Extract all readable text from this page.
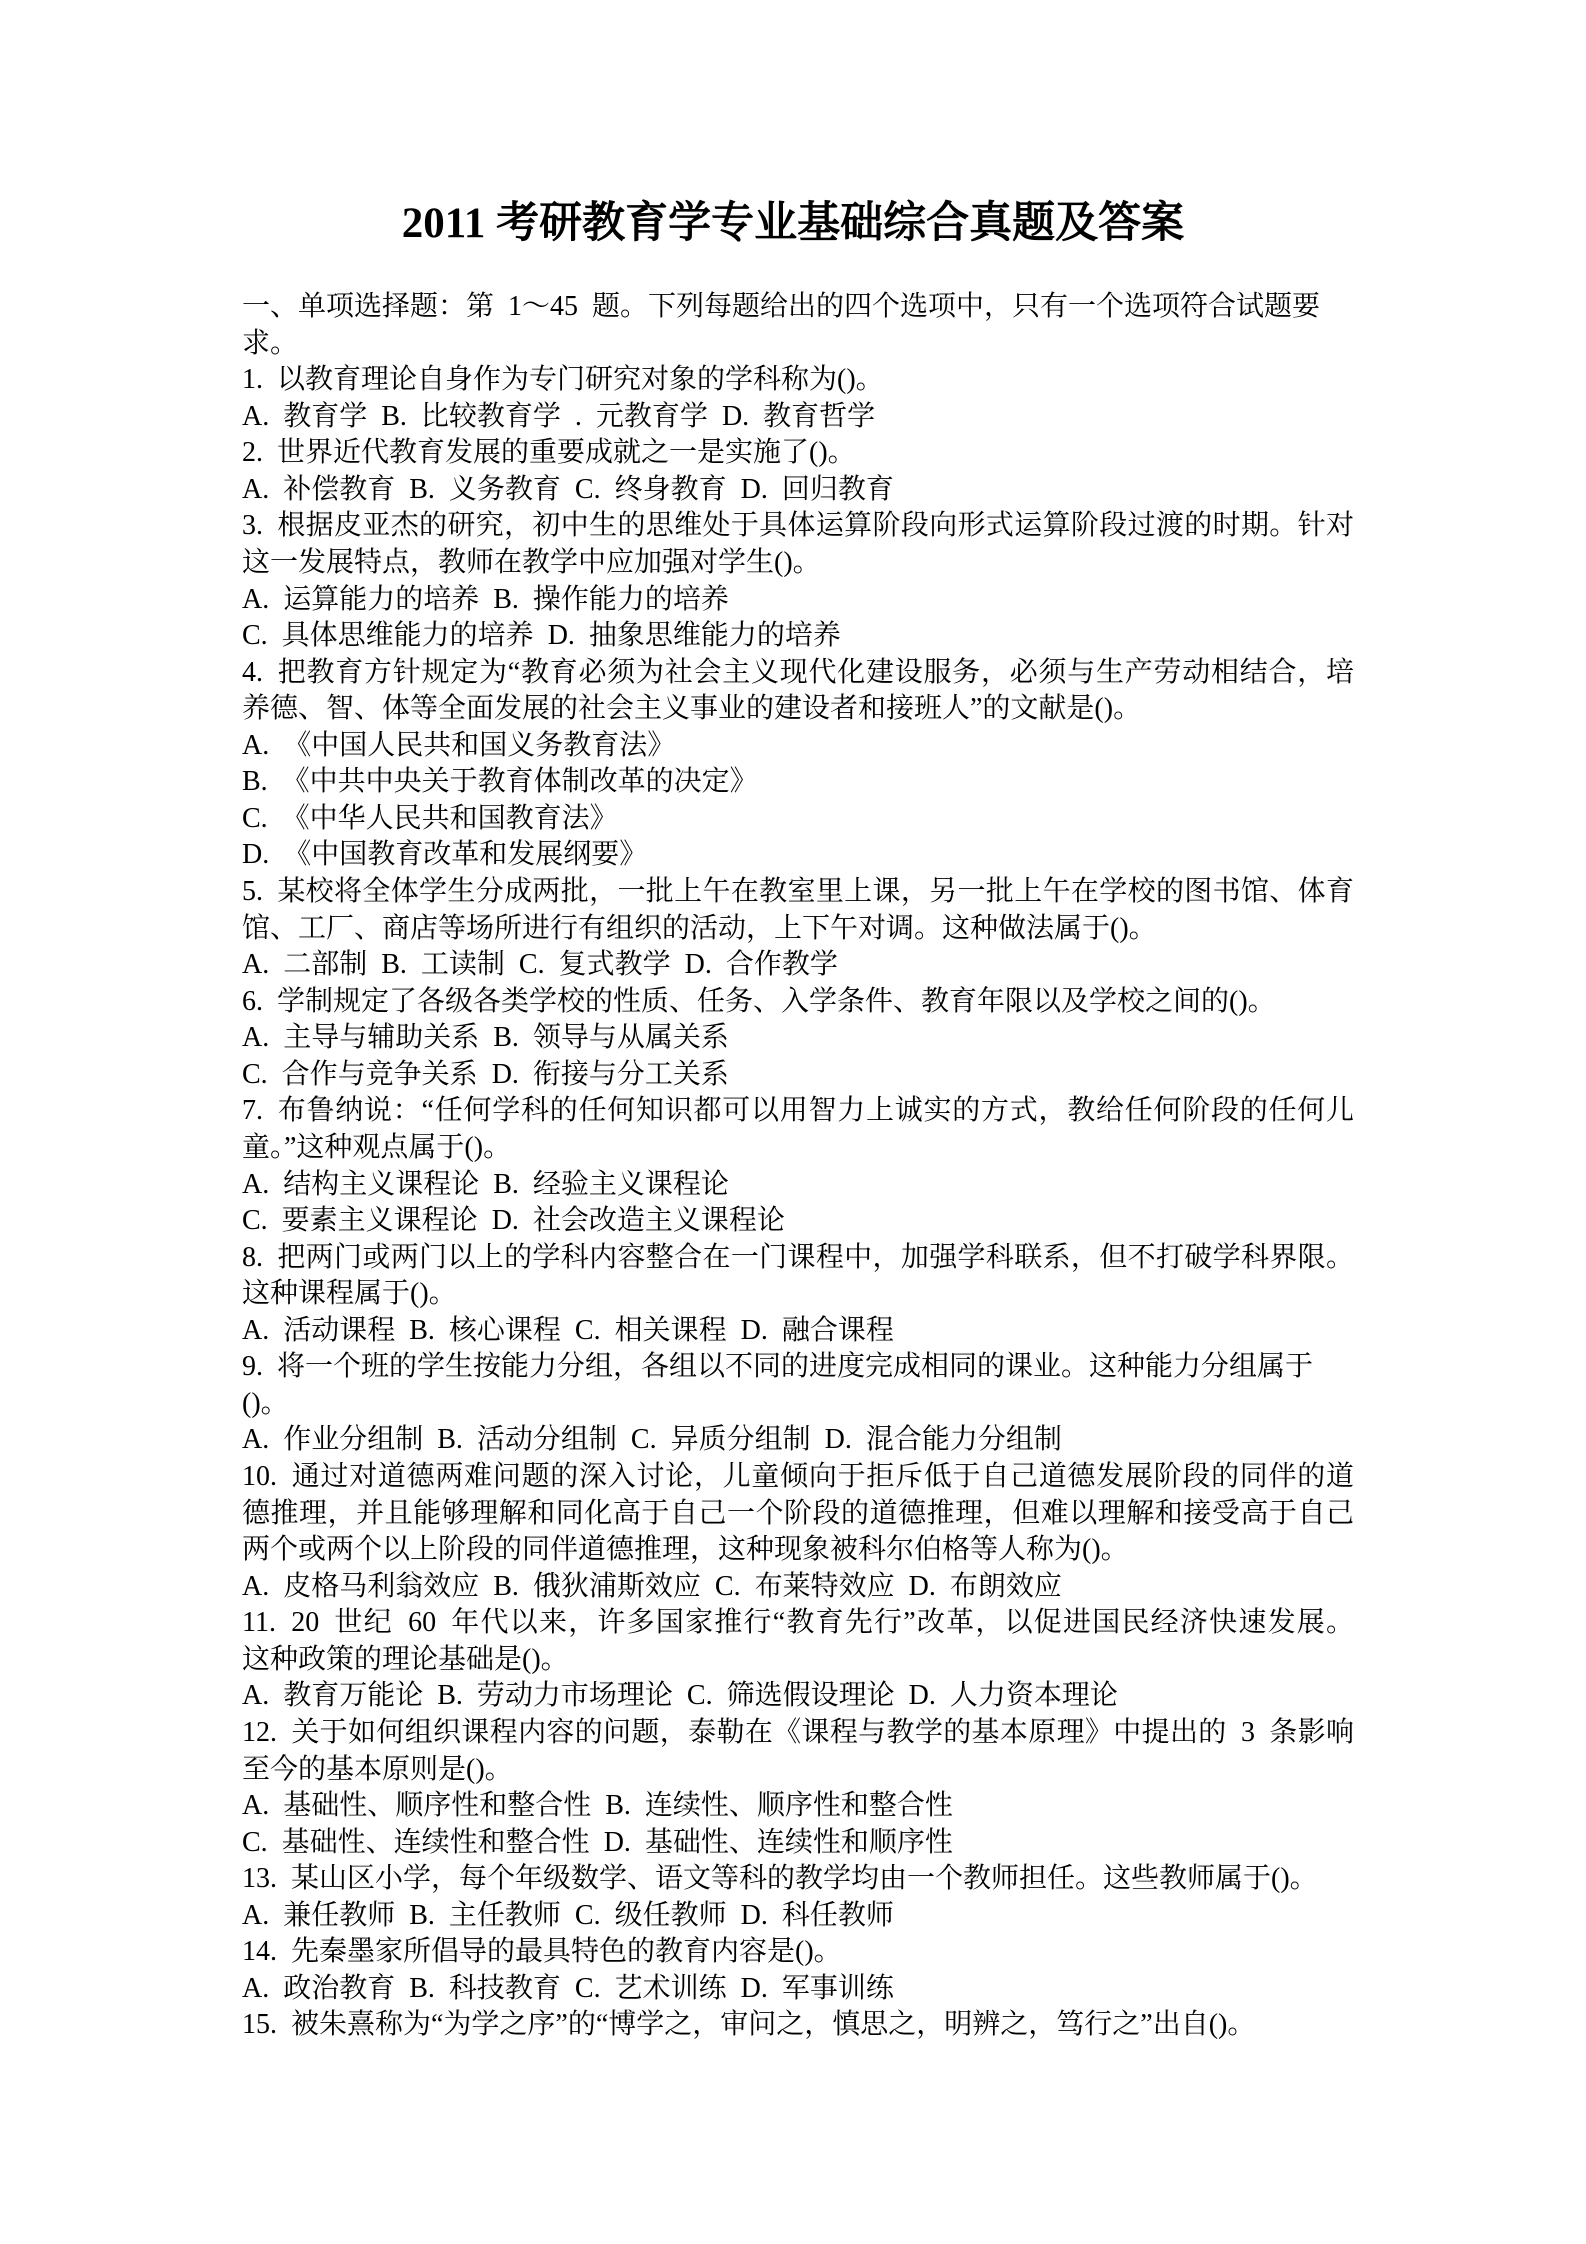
2011 考研教育学专业基础综合真题及答案
一、单项选择题：第 1～45 题。下列每题给出的四个选项中，只有一个选项符合试题要
求。
1. 以教育理论自身作为专门研究对象的学科称为()。
A. 教育学 B. 比较教育学 . 元教育学 D. 教育哲学
2. 世界近代教育发展的重要成就之一是实施了()。
A. 补偿教育 B. 义务教育 C. 终身教育 D. 回归教育
3. 根据皮亚杰的研究，初中生的思维处于具体运算阶段向形式运算阶段过渡的时期。针对
这一发展特点，教师在教学中应加强对学生()。
A. 运算能力的培养 B. 操作能力的培养
C. 具体思维能力的培养 D. 抽象思维能力的培养
4. 把教育方针规定为“教育必须为社会主义现代化建设服务，必须与生产劳动相结合，培
养德、智、体等全面发展的社会主义事业的建设者和接班人”的文献是()。
A. 《中国人民共和国义务教育法》
B. 《中共中央关于教育体制改革的决定》
C. 《中华人民共和国教育法》
D. 《中国教育改革和发展纲要》
5. 某校将全体学生分成两批，一批上午在教室里上课，另一批上午在学校的图书馆、体育
馆、工厂、商店等场所进行有组织的活动，上下午对调。这种做法属于()。
A. 二部制 B. 工读制 C. 复式教学 D. 合作教学
6. 学制规定了各级各类学校的性质、任务、入学条件、教育年限以及学校之间的()。
A. 主导与辅助关系 B. 领导与从属关系
C. 合作与竞争关系 D. 衔接与分工关系
7. 布鲁纳说：“任何学科的任何知识都可以用智力上诚实的方式，教给任何阶段的任何儿
童。”这种观点属于()。
A. 结构主义课程论 B. 经验主义课程论
C. 要素主义课程论 D. 社会改造主义课程论
8. 把两门或两门以上的学科内容整合在一门课程中，加强学科联系，但不打破学科界限。
这种课程属于()。
A. 活动课程 B. 核心课程 C. 相关课程 D. 融合课程
9. 将一个班的学生按能力分组，各组以不同的进度完成相同的课业。这种能力分组属于
()。
A. 作业分组制 B. 活动分组制 C. 异质分组制 D. 混合能力分组制
10. 通过对道德两难问题的深入讨论，儿童倾向于拒斥低于自己道德发展阶段的同伴的道
德推理，并且能够理解和同化高于自己一个阶段的道德推理，但难以理解和接受高于自己
两个或两个以上阶段的同伴道德推理，这种现象被科尔伯格等人称为()。
A. 皮格马利翁效应 B. 俄狄浦斯效应 C. 布莱特效应 D. 布朗效应
11. 20 世纪 60 年代以来，许多国家推行“教育先行”改革，以促进国民经济快速发展。
这种政策的理论基础是()。
A. 教育万能论 B. 劳动力市场理论 C. 筛选假设理论 D. 人力资本理论
12. 关于如何组织课程内容的问题，泰勒在《课程与教学的基本原理》中提出的 3 条影响
至今的基本原则是()。
A. 基础性、顺序性和整合性 B. 连续性、顺序性和整合性
C. 基础性、连续性和整合性 D. 基础性、连续性和顺序性
13. 某山区小学，每个年级数学、语文等科的教学均由一个教师担任。这些教师属于()。
A. 兼任教师 B. 主任教师 C. 级任教师 D. 科任教师
14. 先秦墨家所倡导的最具特色的教育内容是()。
A. 政治教育 B. 科技教育 C. 艺术训练 D. 军事训练
15. 被朱熹称为“为学之序”的“博学之，审问之，慎思之，明辨之，笃行之”出自()。
